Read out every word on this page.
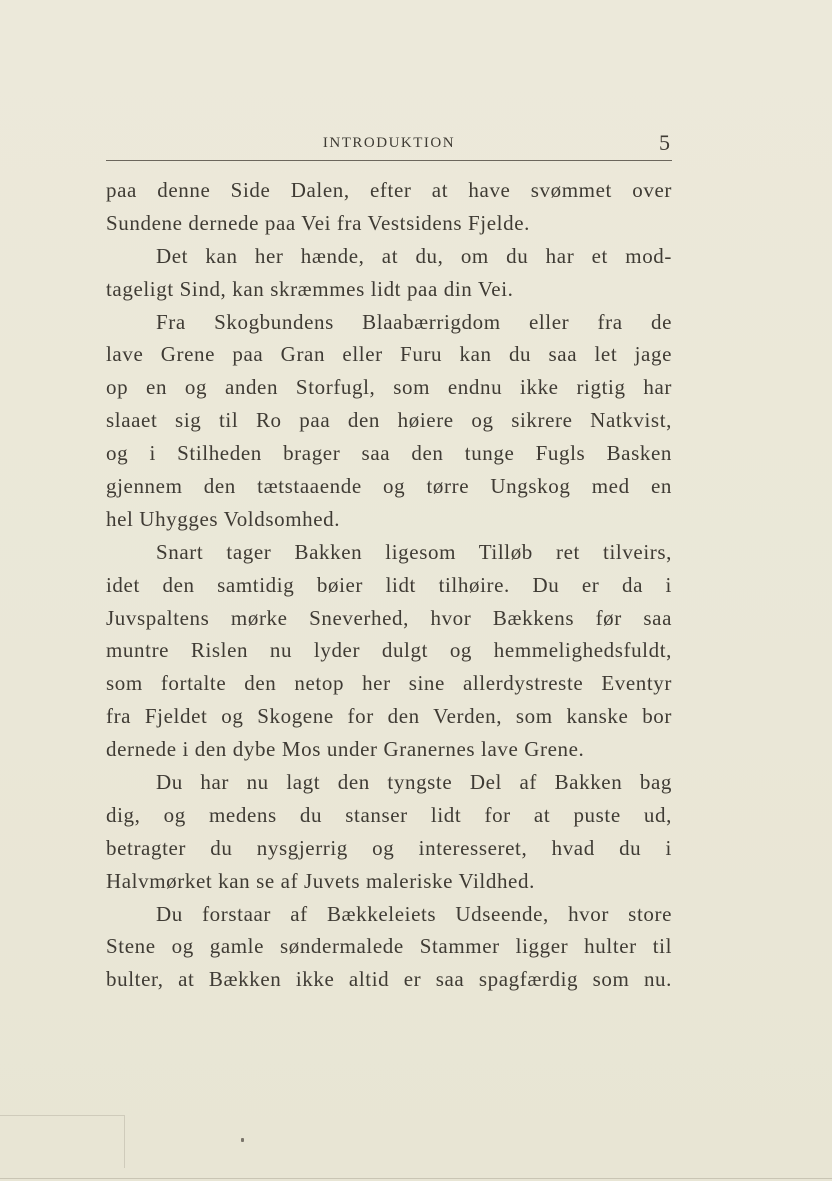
INTRODUKTION	5
paa denne Side Dalen, efter at have svømmet over
Sundene dernede paa Vei fra Vestsidens Fjelde.
Det kan her hænde, at du, om du har et mod-
tageligt Sind, kan skræmmes lidt paa din Vei.
Fra Skogbundens Blaabærrigdom eller fra de
lave Grene paa Gran eller Furu kan du saa let jage
op en og anden Storfugl, som endnu ikke rigtig har
slaaet sig til Ro paa den høiere og sikrere Natkvist,
og i Stilheden brager saa den tunge Fugls Basken
gjennem den tætstaaende og tørre Ungskog med en
hel Uhygges Voldsomhed.
Snart tager Bakken ligesom Tilløb ret tilveirs,
idet den samtidig bøier lidt tilhøire. Du er da i
Juvspaltens mørke Sneverhed, hvor Bækkens før saa
muntre Rislen nu lyder dulgt og hemmelighedsfuldt,
som fortalte den netop her sine allerdystreste Eventyr
fra Fjeldet og Skogene for den Verden, som kanske bor
dernede i den dybe Mos under Granernes lave Grene.
Du har nu lagt den tyngste Del af Bakken bag
dig, og medens du stanser lidt for at puste ud,
betragter du nysgjerrig og interesseret, hvad du i
Halvmørket kan se af Juvets maleriske Vildhed.
Du forstaar af Bækkeleiets Udseende, hvor store
Stene og gamle søndermalede Stammer ligger hulter til
bulter, at Bækken ikke altid er saa spagfærdig som nu.
